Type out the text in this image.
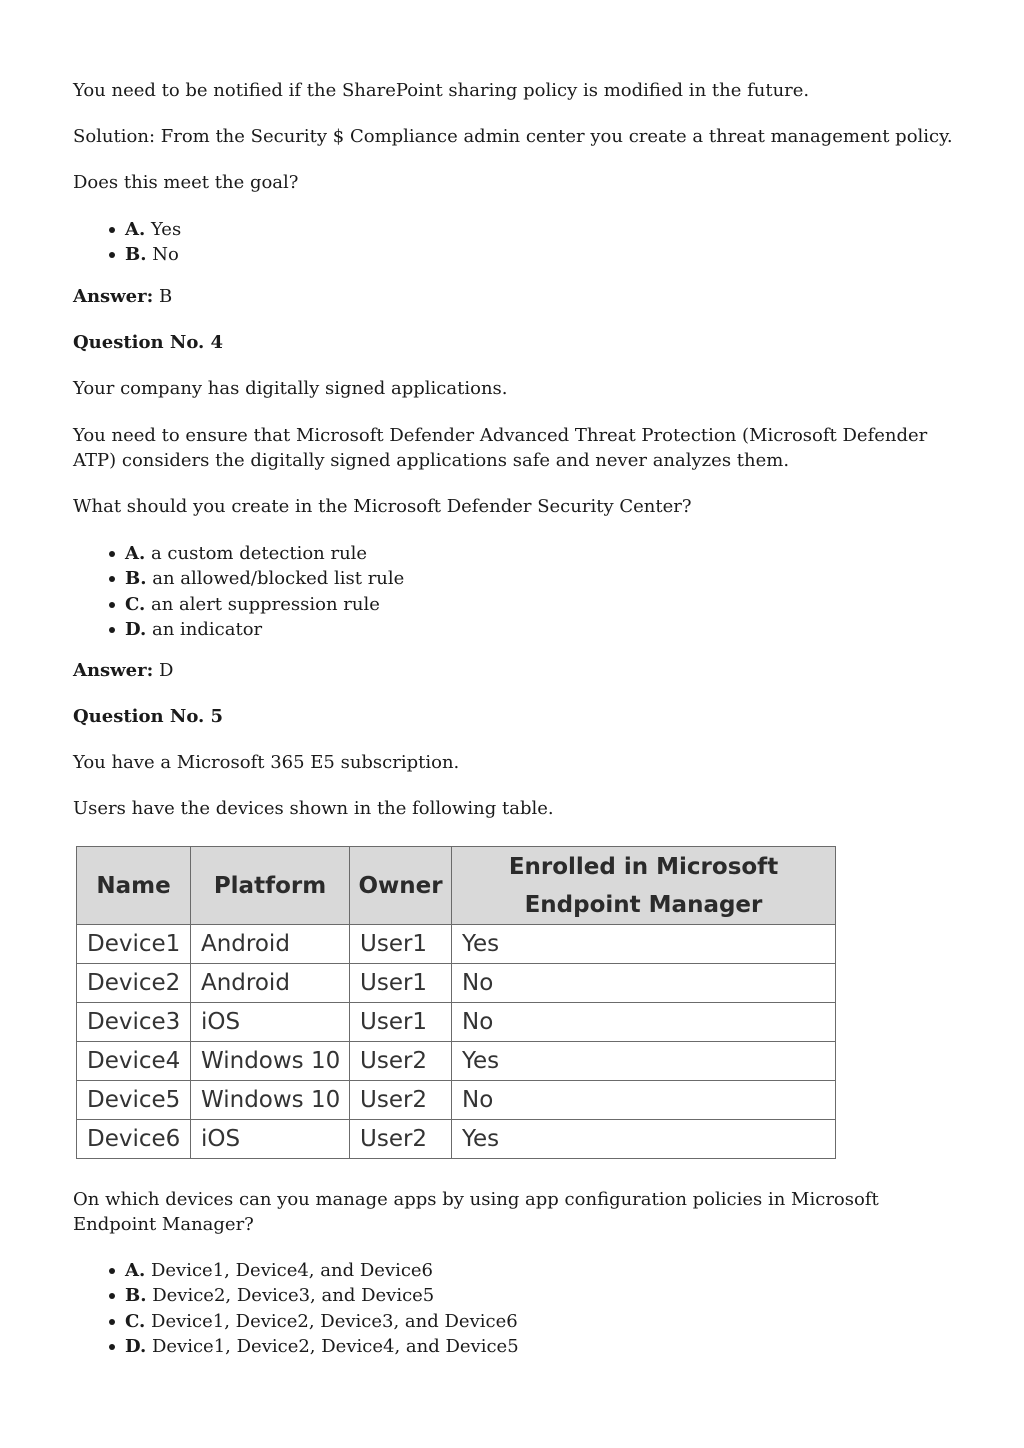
You need to be notified if the SharePoint sharing policy is modified in the future.

Solution: From the Security $ Compliance admin center you create a threat management policy.

Does this meet the goal?

A. Yes
B. No

Answer: B

Question No. 4

Your company has digitally signed applications.

You need to ensure that Microsoft Defender Advanced Threat Protection (Microsoft Defender ATP) considers the digitally signed applications safe and never analyzes them.

What should you create in the Microsoft Defender Security Center?

A. a custom detection rule
B. an allowed/blocked list rule
C. an alert suppression rule
D. an indicator

Answer: D

Question No. 5

You have a Microsoft 365 E5 subscription.

Users have the devices shown in the following table.

Name	Platform	Owner	Enrolled in Microsoft Endpoint Manager
Device1	Android	User1	Yes
Device2	Android	User1	No
Device3	iOS	User1	No
Device4	Windows 10	User2	Yes
Device5	Windows 10	User2	No
Device6	iOS	User2	Yes

On which devices can you manage apps by using app configuration policies in Microsoft Endpoint Manager?

A. Device1, Device4, and Device6
B. Device2, Device3, and Device5
C. Device1, Device2, Device3, and Device6
D. Device1, Device2, Device4, and Device5
